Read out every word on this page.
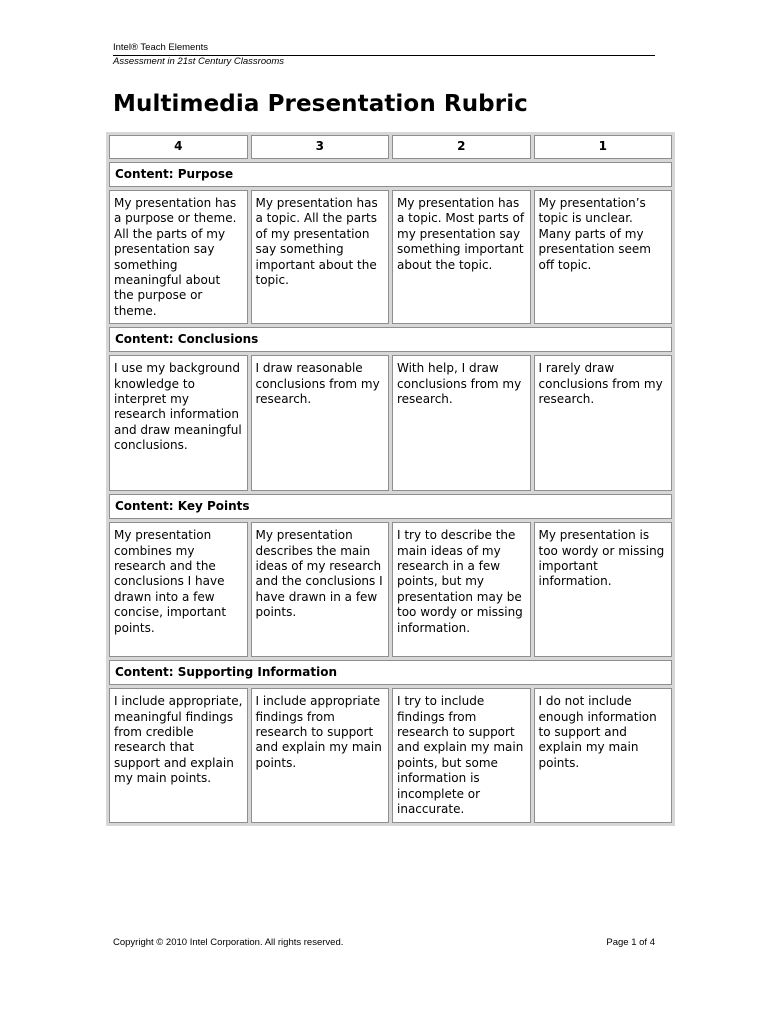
Intel® Teach Elements
Assessment in 21st Century Classrooms
Multimedia Presentation Rubric
4	3	2	1
Content: Purpose			
My presentation has a purpose or theme. All the parts of my presentation say something meaningful about the purpose or theme.	My presentation has a topic. All the parts of my presentation say something important about the topic.	My presentation has a topic. Most parts of my presentation say something important about the topic.	My presentation’s topic is unclear. Many parts of my presentation seem off topic.
Content: Conclusions			
I use my background knowledge to interpret my research information and draw meaningful conclusions.	I draw reasonable conclusions from my research.	With help, I draw conclusions from my research.	I rarely draw conclusions from my research.
Content: Key Points			
My presentation combines my research and the conclusions I have drawn into a few concise, important points.	My presentation describes the main ideas of my research and the conclusions I have drawn in a few points.	I try to describe the main ideas of my research in a few points, but my presentation may be too wordy or missing information.	My presentation is too wordy or missing important information.
Content: Supporting Information			
I include appropriate, meaningful findings from credible research that support and explain my main points.	I include appropriate findings from research to support and explain my main points.	I try to include findings from research to support and explain my main points, but some information is incomplete or inaccurate.	I do not include enough information to support and explain my main points.
Copyright © 2010 Intel Corporation. All rights reserved.	Page 1 of 4
